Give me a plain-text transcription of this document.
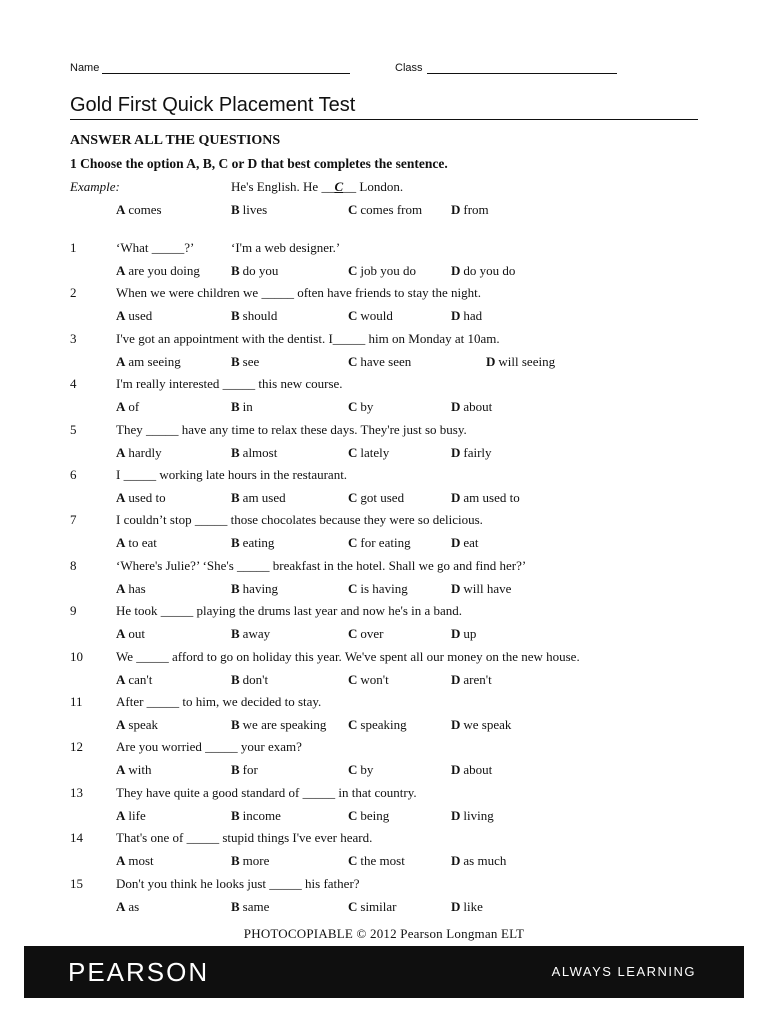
Name	Class
Gold First Quick Placement Test
ANSWER ALL THE QUESTIONS
1 Choose the option A, B, C or D that best completes the sentence.
Example:	He's English. He __C__ London.
A comes	B lives	C comes from D from
1	‘What _____?’	‘I'm a web designer.’
A are you doing B do you	C job you do	D do you do
2	When we were children we _____ often have friends to stay the night.
A used	B should	C would	D had
3	I've got an appointment with the dentist. I_____ him on Monday at 10am.
A am seeing	B see	C have seen	D will seeing
4	I'm really interested _____ this new course.
A of	B in	C by	D about
5	They _____ have any time to relax these days. They're just so busy.
A hardly	B almost	C lately	D fairly
6	I _____ working late hours in the restaurant.
A used to	B am used	C got used	D am used to
7	I couldn’t stop _____ those chocolates because they were so delicious.
A to eat	B eating	C for eating	D eat
8	‘Where's Julie?’ ‘She's _____ breakfast in the hotel. Shall we go and find her?’
A has	B having	C is having	D will have
9	He took _____ playing the drums last year and now he's in a band.
A out	B away	C over	D up
10	We _____ afford to go on holiday this year. We've spent all our money on the new house.
A can't	B don't	C won't	D aren't
11	After _____ to him, we decided to stay.
A speak	B we are speaking C speaking	D we speak
12	Are you worried _____ your exam?
A with	B for	C by	D about
13	They have quite a good standard of _____ in that country.
A life	B income	C being	D living
14	That's one of _____ stupid things I've ever heard.
A most	B more	C the most	D as much
15	Don't you think he looks just _____ his father?
A as	B same	C similar	D like
PHOTOCOPIABLE © 2012 Pearson Longman ELT
PEARSON	ALWAYS LEARNING
